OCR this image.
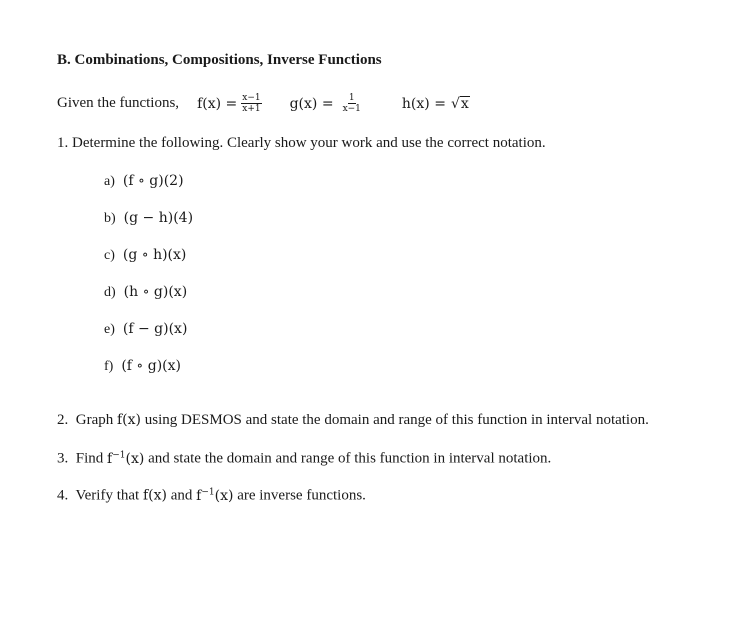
B. Combinations, Compositions, Inverse Functions
Given the functions, $f(x) = \frac{x-1}{x+1} g(x) = \frac{1}{x-1}$	h(x) = √ x
1. Determine the following. Clearly show your work and use the correct notation.
a) (f ∘ g)(2)
b) (g − h)(4)
c) (g ∘ h)(x)
d) (h ∘ g)(x)
e) (f − g)(x)
f) (f ∘ g)(x)
2. Graph f(x) using DESMOS and state the domain and range of this function in interval notation.
3. Find $f^{-1}(x)$ and state the domain and range of this function in interval notation.
4. Verify that f(x) and $f^{-1}(x)$ are inverse functions.
